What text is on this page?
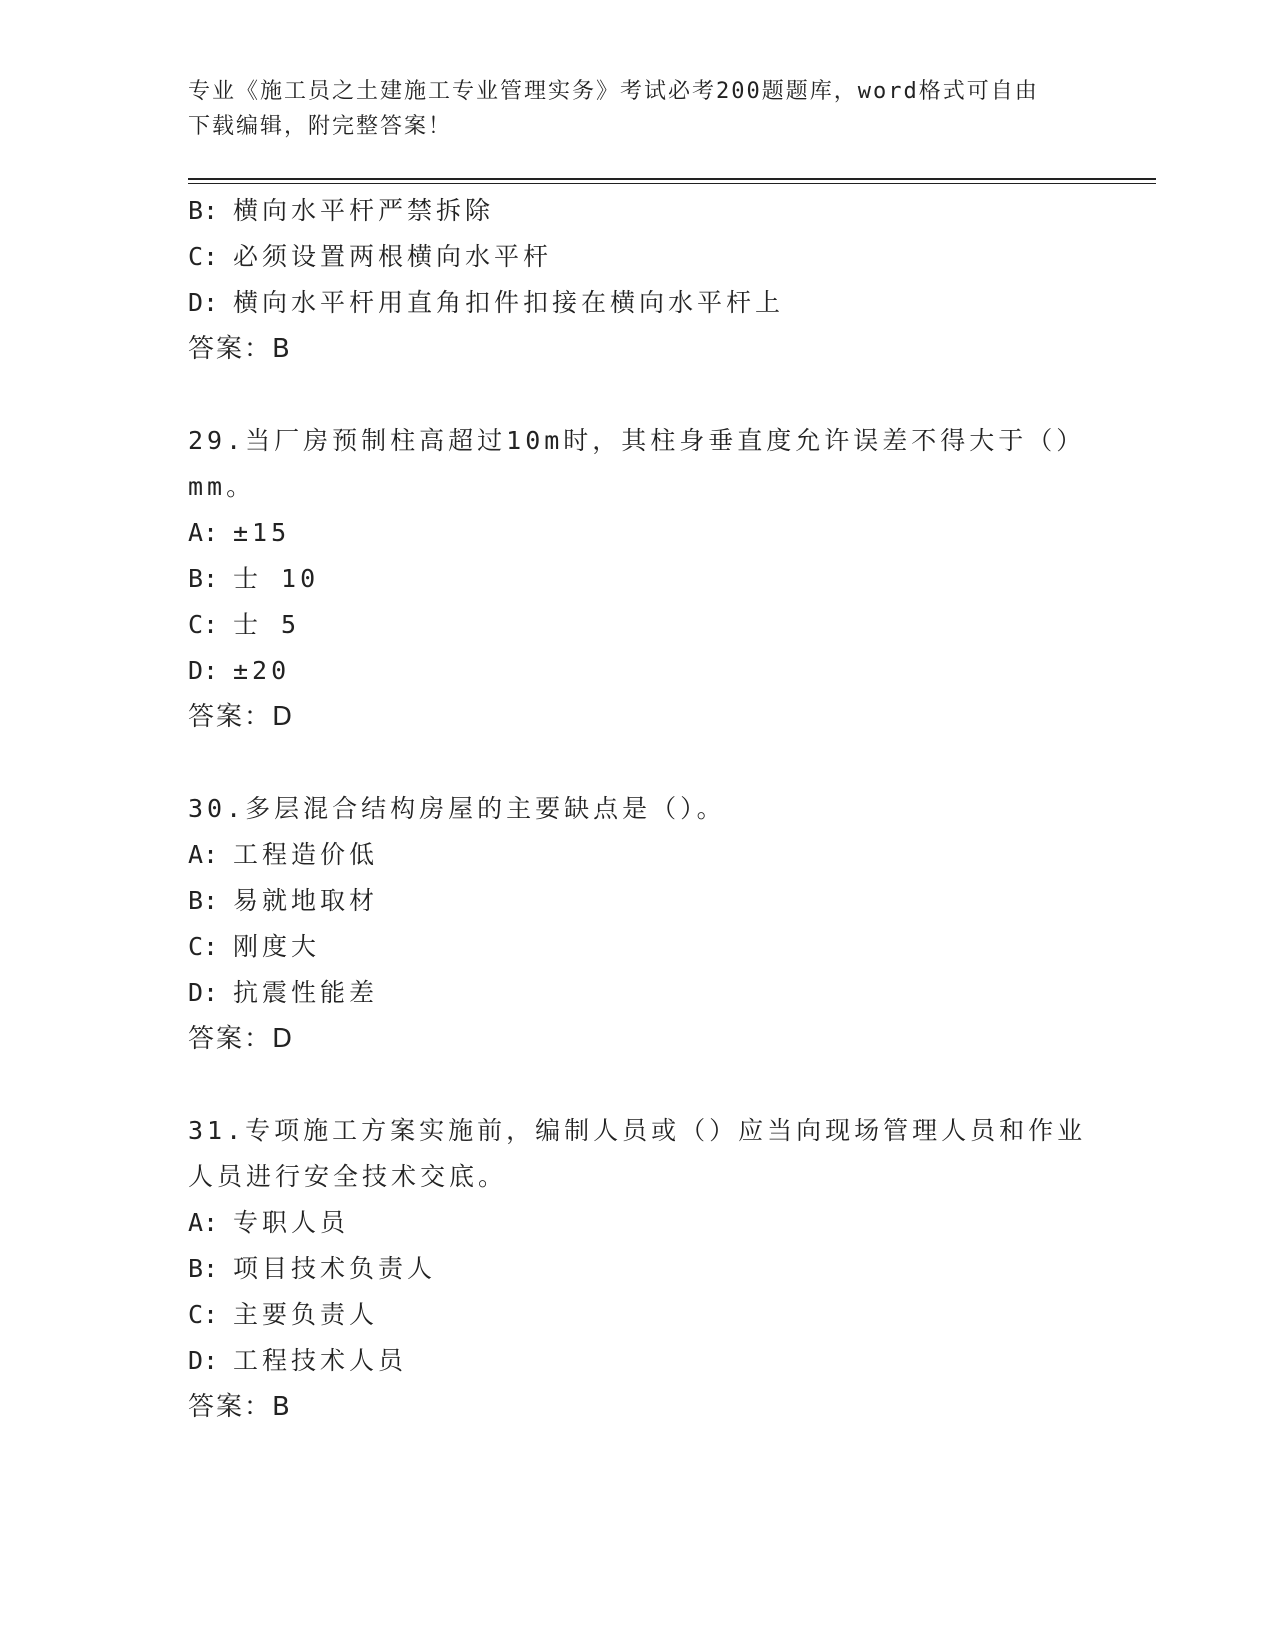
专业《施工员之土建施工专业管理实务》考试必考200题题库，word格式可自由
下载编辑，附完整答案！
B: 横向水平杆严禁拆除
C: 必须设置两根横向水平杆
D: 横向水平杆用直角扣件扣接在横向水平杆上
答案：B
29.当厂房预制柱高超过10m时，其柱身垂直度允许误差不得大于（）
mm。
A: ±15
B: 士 10
C: 士 5
D: ±20
答案：D
30.多层混合结构房屋的主要缺点是（）。
A: 工程造价低
B: 易就地取材
C: 刚度大
D: 抗震性能差
答案：D
31.专项施工方案实施前，编制人员或（）应当向现场管理人员和作业
人员进行安全技术交底。
A: 专职人员
B: 项目技术负责人
C: 主要负责人
D: 工程技术人员
答案：B
